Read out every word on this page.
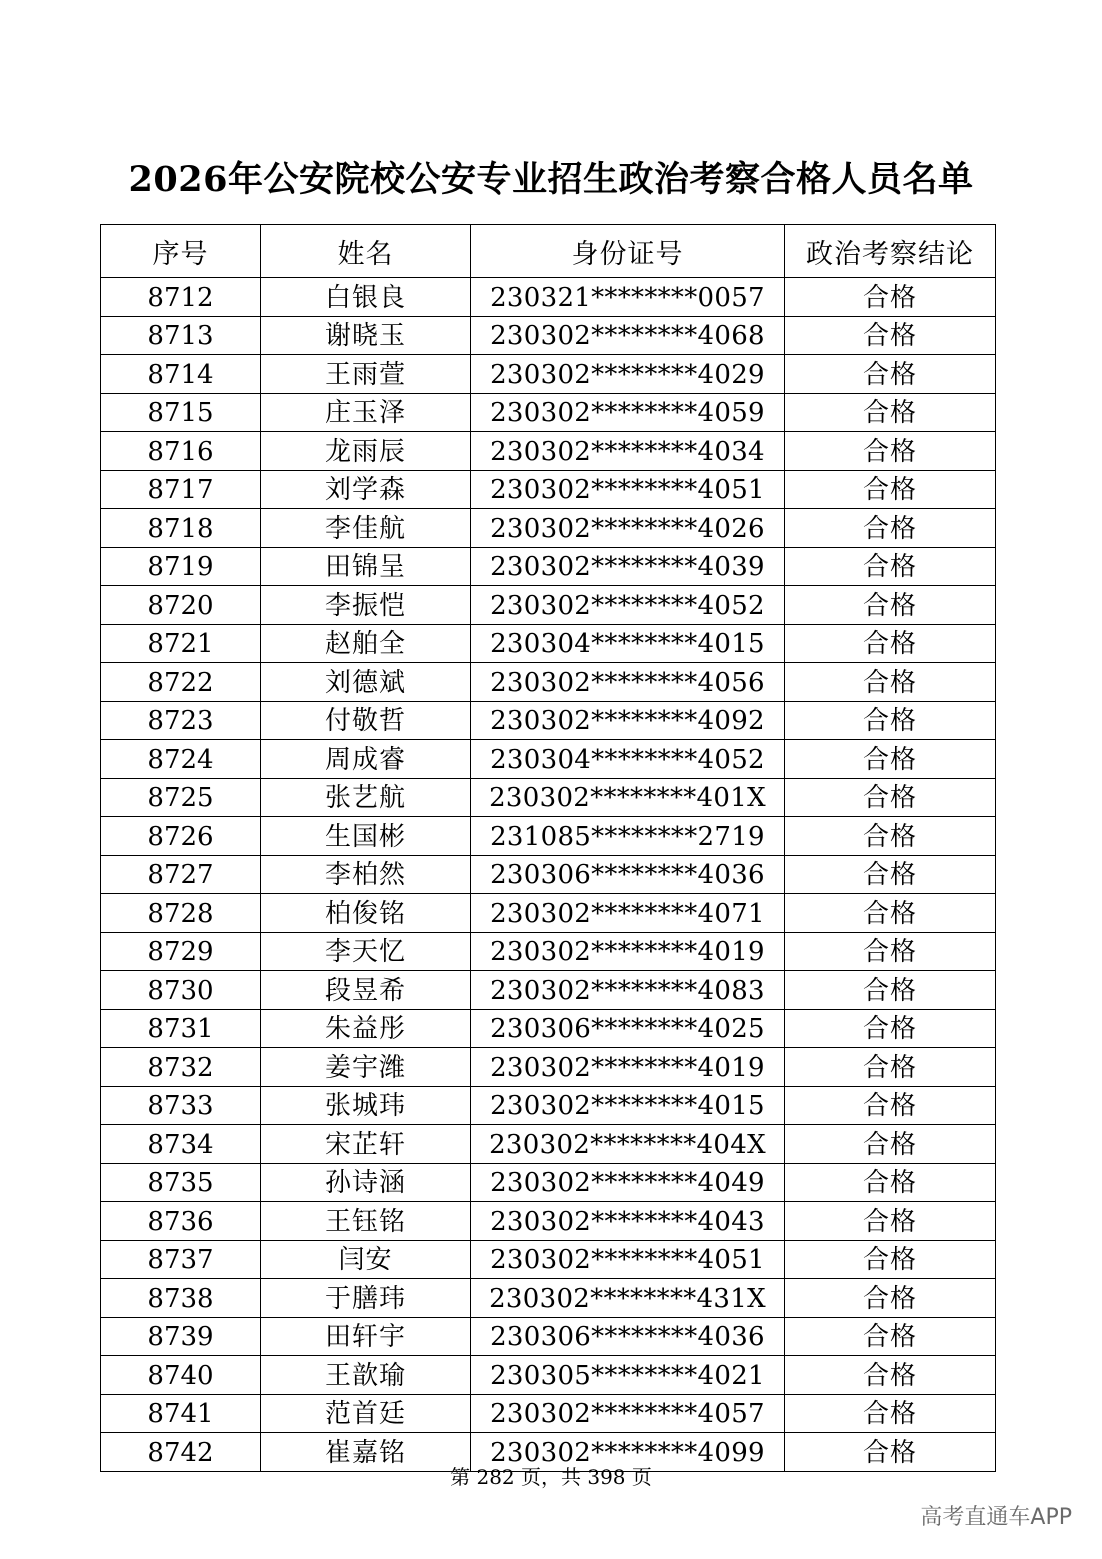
2026年公安院校公安专业招生政治考察合格人员名单
序号	姓名	身份证号	政治考察结论
8712	白银良	230321********0057	合格
8713	谢晓玉	230302********4068	合格
8714	王雨萱	230302********4029	合格
8715	庄玉泽	230302********4059	合格
8716	龙雨辰	230302********4034	合格
8717	刘学森	230302********4051	合格
8718	李佳航	230302********4026	合格
8719	田锦呈	230302********4039	合格
8720	李振恺	230302********4052	合格
8721	赵舶全	230304********4015	合格
8722	刘德斌	230302********4056	合格
8723	付敬哲	230302********4092	合格
8724	周成睿	230304********4052	合格
8725	张艺航	230302********401X	合格
8726	生国彬	231085********2719	合格
8727	李柏然	230306********4036	合格
8728	柏俊铭	230302********4071	合格
8729	李天忆	230302********4019	合格
8730	段昱希	230302********4083	合格
8731	朱益彤	230306********4025	合格
8732	姜宇潍	230302********4019	合格
8733	张城玮	230302********4015	合格
8734	宋芷轩	230302********404X	合格
8735	孙诗涵	230302********4049	合格
8736	王钰铭	230302********4043	合格
8737	闫安	230302********4051	合格
8738	于膳玮	230302********431X	合格
8739	田轩宇	230306********4036	合格
8740	王歆瑜	230305********4021	合格
8741	范首廷	230302********4057	合格
8742	崔嘉铭	230302********4099	合格
第 282 页，共 398 页
高考直通车APP
